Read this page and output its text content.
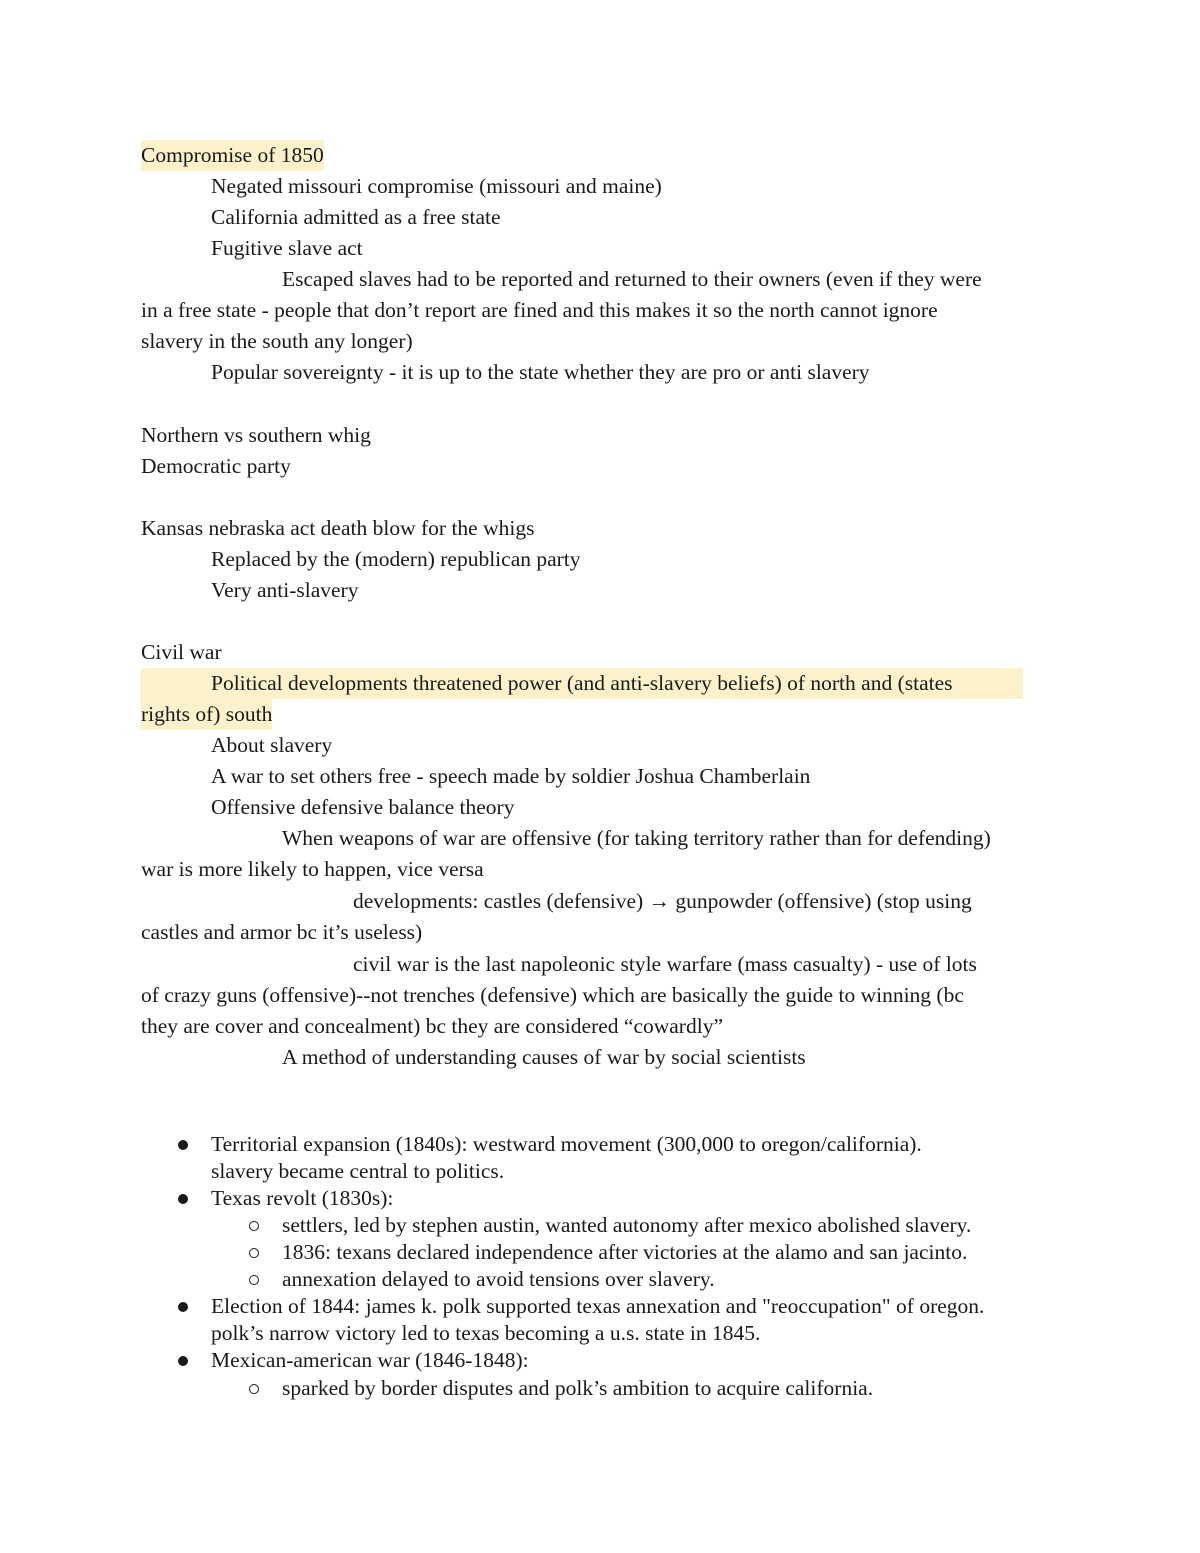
Compromise of 1850
Negated missouri compromise (missouri and maine)
California admitted as a free state
Fugitive slave act
Escaped slaves had to be reported and returned to their owners (even if they were
in a free state - people that don’t report are fined and this makes it so the north cannot ignore
slavery in the south any longer)
Popular sovereignty - it is up to the state whether they are pro or anti slavery
Northern vs southern whig
Democratic party
Kansas nebraska act death blow for the whigs
Replaced by the (modern) republican party
Very anti-slavery
Civil war
Political developments threatened power (and anti-slavery beliefs) of north and (states
rights of) south
About slavery
A war to set others free - speech made by soldier Joshua Chamberlain
Offensive defensive balance theory
When weapons of war are offensive (for taking territory rather than for defending)
war is more likely to happen, vice versa
developments: castles (defensive) → gunpowder (offensive) (stop using
castles and armor bc it’s useless)
civil war is the last napoleonic style warfare (mass casualty) - use of lots
of crazy guns (offensive)--not trenches (defensive) which are basically the guide to winning (bc
they are cover and concealment) bc they are considered “cowardly”
A method of understanding causes of war by social scientists
Territorial expansion (1840s): westward movement (300,000 to oregon/california).
slavery became central to politics.
Texas revolt (1830s):
settlers, led by stephen austin, wanted autonomy after mexico abolished slavery.
1836: texans declared independence after victories at the alamo and san jacinto.
annexation delayed to avoid tensions over slavery.
Election of 1844: james k. polk supported texas annexation and "reoccupation" of oregon.
polk’s narrow victory led to texas becoming a u.s. state in 1845.
Mexican-american war (1846-1848):
sparked by border disputes and polk’s ambition to acquire california.
